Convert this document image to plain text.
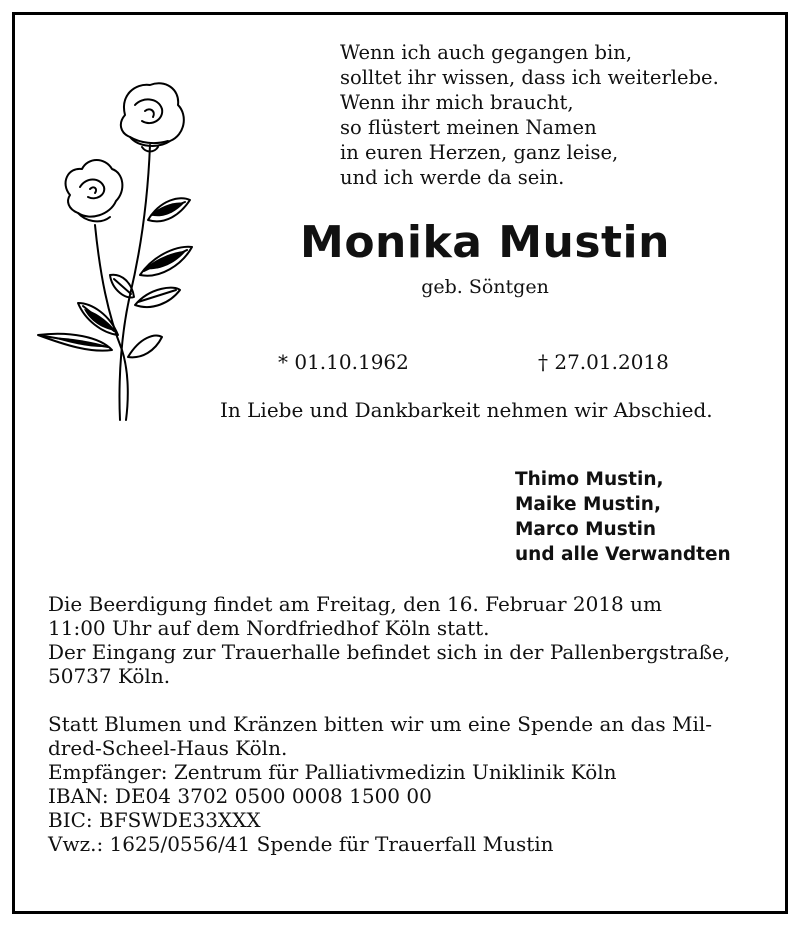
Wenn ich auch gegangen bin,
solltet ihr wissen, dass ich weiterlebe.
Wenn ihr mich braucht,
so flüstert meinen Namen
in euren Herzen, ganz leise,
und ich werde da sein.
Monika Mustin
geb. Söntgen
* 01.10.1962	† 27.01.2018
In Liebe und Dankbarkeit nehmen wir Abschied.
Thimo Mustin,
Maike Mustin,
Marco Mustin
und alle Verwandten

Die Beerdigung findet am Freitag, den 16. Februar 2018 um

11:00 Uhr auf dem Nordfriedhof Köln statt.

Der Eingang zur Trauerhalle befindet sich in der Pallenbergstraße,

50737 Köln.

Statt Blumen und Kränzen bitten wir um eine Spende an das Mil-

dred-Scheel-Haus Köln.

Empfänger: Zentrum für Palliativmedizin Uniklinik Köln

IBAN: DE04 3702 0500 0008 1500 00

BIC: BFSWDE33XXX

Vwz.: 1625/0556/41 Spende für Trauerfall Mustin
